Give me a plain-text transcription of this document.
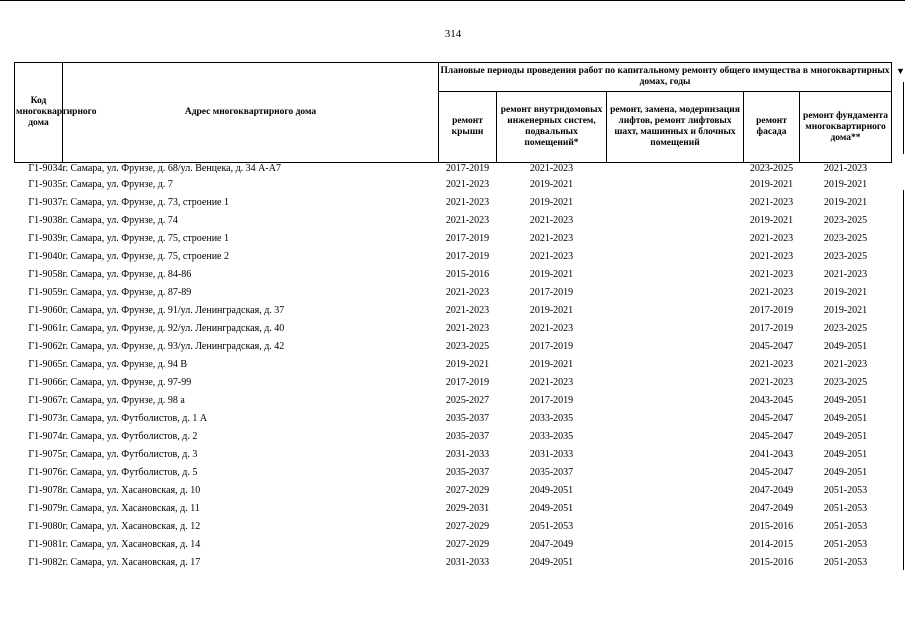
314
▼
Код многоквартирного дома	Адрес многоквартирного дома	Плановые периоды проведения работ по капитальному ремонту общего имущества в многоквартирных домах, годы				
		ремонт крыши	ремонт внутридомовых инженерных систем, подвальных помещений*	ремонт, замена, модернизация лифтов, ремонт лифтовых шахт, машинных и блочных помещений	ремонт фасада	ремонт фундамента многоквартирного дома**
Г1-9034	г. Самара, ул. Фрунзе, д. 68/ул. Венцека, д. 34 А-А7	2017-2019	2021-2023		2023-2025	2021-2023
Г1-9035	г. Самара, ул. Фрунзе, д. 7	2021-2023	2019-2021		2019-2021	2019-2021
Г1-9037	г. Самара, ул. Фрунзе, д. 73, строение 1	2021-2023	2019-2021		2021-2023	2019-2021
Г1-9038	г. Самара, ул. Фрунзе, д. 74	2021-2023	2021-2023		2019-2021	2023-2025
Г1-9039	г. Самара, ул. Фрунзе, д. 75, строение 1	2017-2019	2021-2023		2021-2023	2023-2025
Г1-9040	г. Самара, ул. Фрунзе, д. 75, строение 2	2017-2019	2021-2023		2021-2023	2023-2025
Г1-9058	г. Самара, ул. Фрунзе, д. 84-86	2015-2016	2019-2021		2021-2023	2021-2023
Г1-9059	г. Самара, ул. Фрунзе, д. 87-89	2021-2023	2017-2019		2021-2023	2019-2021
Г1-9060	г. Самара, ул. Фрунзе, д. 91/ул. Ленинградская, д. 37	2021-2023	2019-2021		2017-2019	2019-2021
Г1-9061	г. Самара, ул. Фрунзе, д. 92/ул. Ленинградская, д. 40	2021-2023	2021-2023		2017-2019	2023-2025
Г1-9062	г. Самара, ул. Фрунзе, д. 93/ул. Ленинградская, д. 42	2023-2025	2017-2019		2045-2047	2049-2051
Г1-9065	г. Самара, ул. Фрунзе, д. 94 В	2019-2021	2019-2021		2021-2023	2021-2023
Г1-9066	г. Самара, ул. Фрунзе, д. 97-99	2017-2019	2021-2023		2021-2023	2023-2025
Г1-9067	г. Самара, ул. Фрунзе, д. 98 а	2025-2027	2017-2019		2043-2045	2049-2051
Г1-9073	г. Самара, ул. Футболистов, д. 1 А	2035-2037	2033-2035		2045-2047	2049-2051
Г1-9074	г. Самара, ул. Футболистов, д. 2	2035-2037	2033-2035		2045-2047	2049-2051
Г1-9075	г. Самара, ул. Футболистов, д. 3	2031-2033	2031-2033		2041-2043	2049-2051
Г1-9076	г. Самара, ул. Футболистов, д. 5	2035-2037	2035-2037		2045-2047	2049-2051
Г1-9078	г. Самара, ул. Хасановская, д. 10	2027-2029	2049-2051		2047-2049	2051-2053
Г1-9079	г. Самара, ул. Хасановская, д. 11	2029-2031	2049-2051		2047-2049	2051-2053
Г1-9080	г. Самара, ул. Хасановская, д. 12	2027-2029	2051-2053		2015-2016	2051-2053
Г1-9081	г. Самара, ул. Хасановская, д. 14	2027-2029	2047-2049		2014-2015	2051-2053
Г1-9082	г. Самара, ул. Хасановская, д. 17	2031-2033	2049-2051		2015-2016	2051-2053
